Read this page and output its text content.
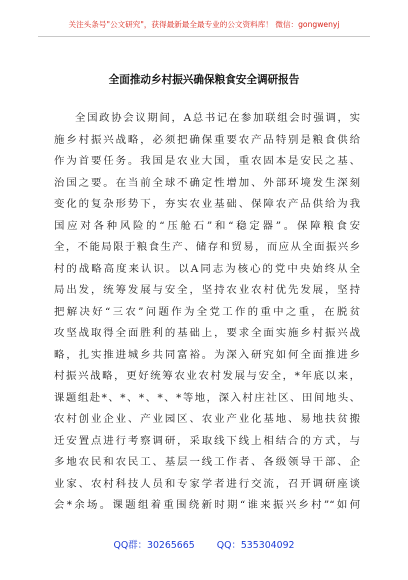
关注头条号"公文研究"，获得最新最全最专业的公文资料库！ 微信：gongwenyj
全面推动乡村振兴确保粮食安全调研报告
全国政协会议期间，A总书记在参加联组会时强调，实
施乡村振兴战略，必须把确保重要农产品特别是粮食供给
作为首要任务。我国是农业大国，重农固本是安民之基、
治国之要。在当前全球不确定性增加、外部环境发生深刻
变化的复杂形势下，夯实农业基础、保障农产品供给为我
国应对各种风险的“压舱石”和“稳定器”。保障粮食安
全，不能局限于粮食生产、储存和贸易，而应从全面振兴乡
村的战略高度来认识。以A同志为核心的党中央始终从全
局出发，统筹发展与安全，坚持农业农村优先发展，坚持
把解决好“三农”问题作为全党工作的重中之重，在脱贫
攻坚战取得全面胜利的基础上，要求全面实施乡村振兴战
略，扎实推进城乡共同富裕。为深入研究如何全面推进乡
村振兴战略，更好统筹农业农村发展与安全，*年底以来，
课题组赴*、*、*、*、*等地，深入村庄社区、田间地头、
农村创业企业、产业园区、农业产业化基地、易地扶贫搬
迁安置点进行考察调研，采取线下线上相结合的方式，与
多地农民和农民工、基层一线工作者、各级领导干部、企
业家、农村科技人员和专家学者进行交流，召开调研座谈
会*余场。课题组着重围绕新时期“谁来振兴乡村”“如何
QQ群：30265665 QQ：535304092
